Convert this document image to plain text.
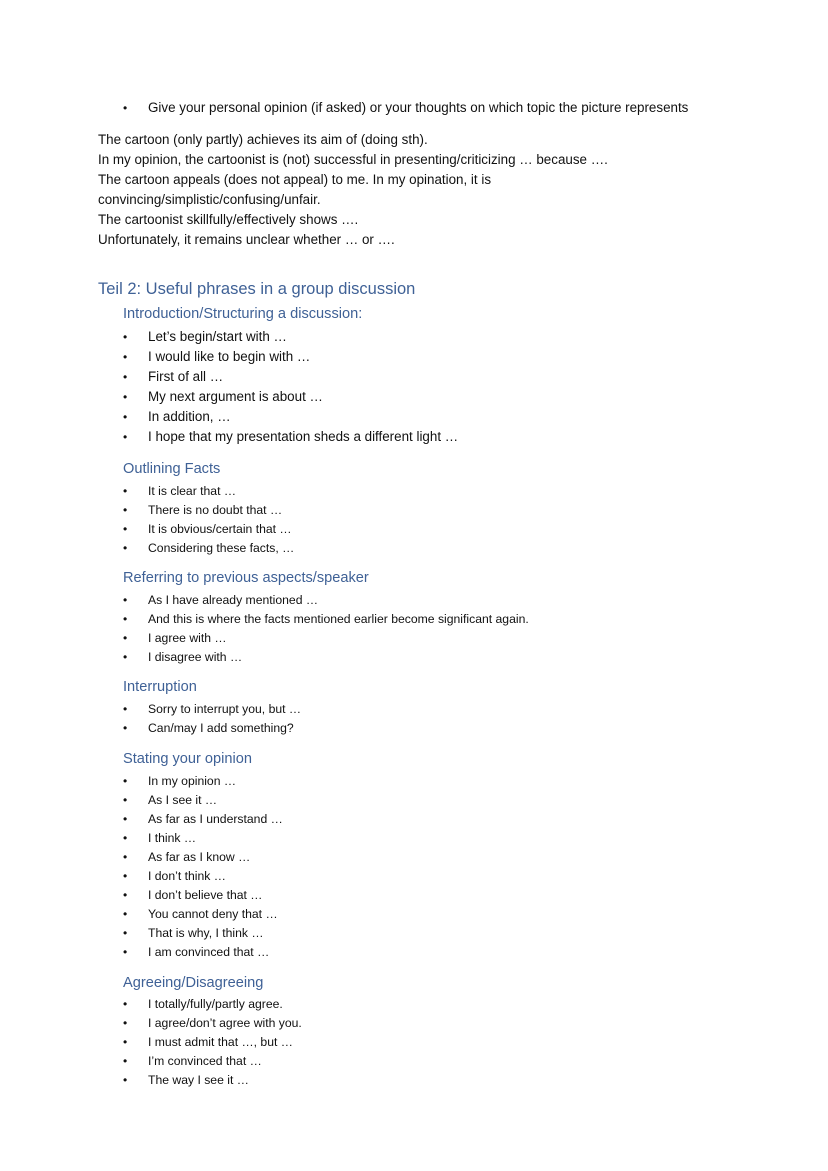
• Give your personal opinion (if asked) or your thoughts on which topic the picture represents
The cartoon (only partly) achieves its aim of (doing sth).
In my opinion, the cartoonist is (not) successful in presenting/criticizing … because ….
The cartoon appeals (does not appeal) to me. In my opination, it is
convincing/simplistic/confusing/unfair.
The cartoonist skillfully/effectively shows ….
Unfortunately, it remains unclear whether … or ….
Teil 2: Useful phrases in a group discussion
Introduction/Structuring a discussion:
• Let’s begin/start with …
• I would like to begin with …
• First of all …
• My next argument is about …
• In addition, …
• I hope that my presentation sheds a different light …
Outlining Facts
• It is clear that …
• There is no doubt that …
• It is obvious/certain that …
• Considering these facts, …
Referring to previous aspects/speaker
• As I have already mentioned …
• And this is where the facts mentioned earlier become significant again.
• I agree with …
• I disagree with …
Interruption
• Sorry to interrupt you, but …
• Can/may I add something?
Stating your opinion
• In my opinion …
• As I see it …
• As far as I understand …
• I think …
• As far as I know …
• I don’t think …
• I don’t believe that …
• You cannot deny that …
• That is why, I think …
• I am convinced that …
Agreeing/Disagreeing
• I totally/fully/partly agree.
• I agree/don’t agree with you.
• I must admit that …, but …
• I’m convinced that …
• The way I see it …
